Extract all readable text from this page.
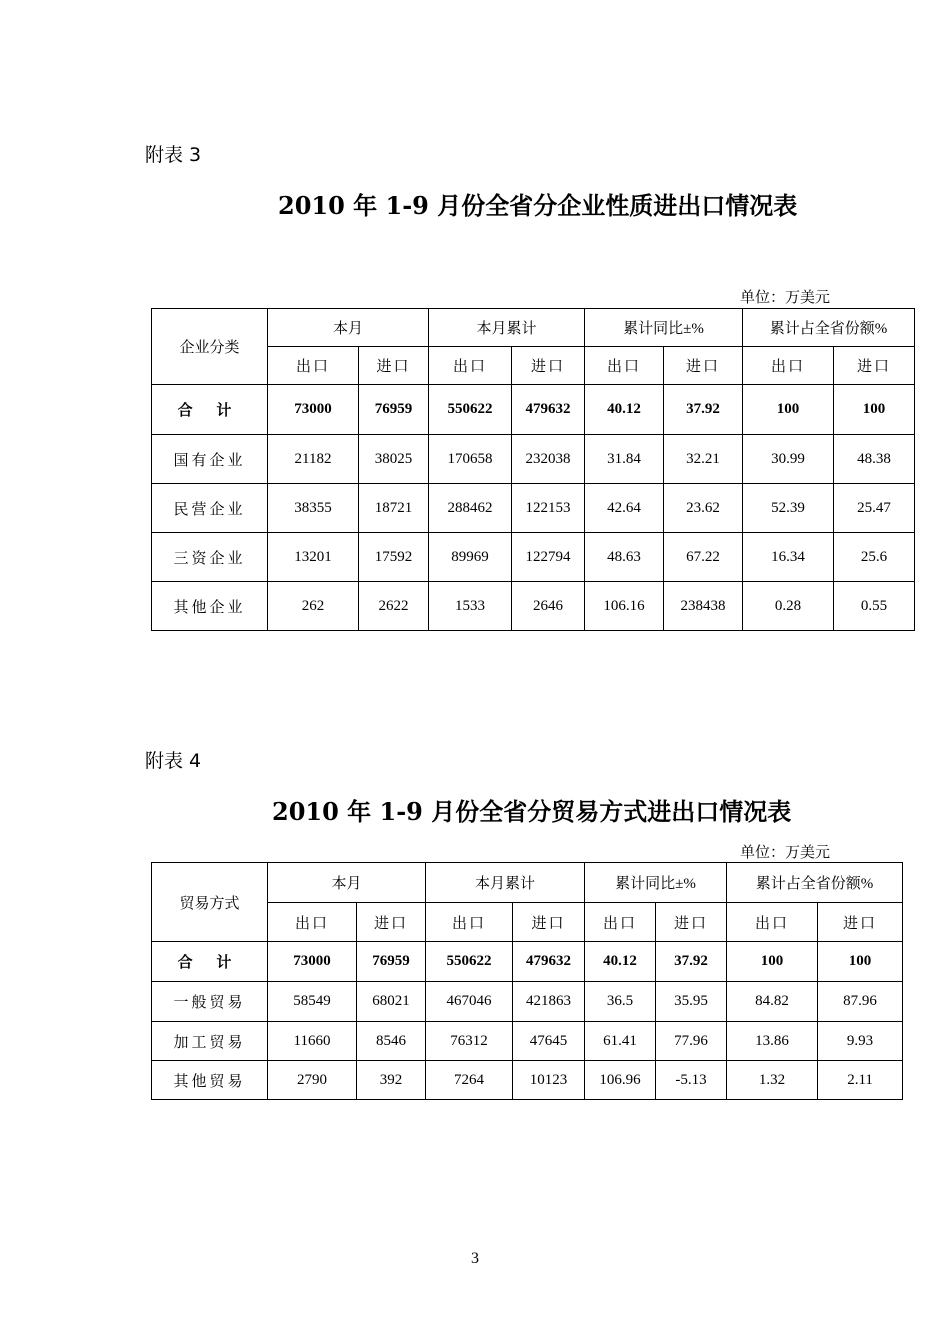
附表 3
2010 年 1-9 月份全省分企业性质进出口情况表
单位：万美元
企业分类	本月		本月累计		累计同比±%		累计占全省份额%	
	出口	进口	出口	进口	出口	进口	出口	进口
合 计	73000	76959	550622	479632	40.12	37.92	100	100
国有企业	21182	38025	170658	232038	31.84	32.21	30.99	48.38
民营企业	38355	18721	288462	122153	42.64	23.62	52.39	25.47
三资企业	13201	17592	89969	122794	48.63	67.22	16.34	25.6
其他企业	262	2622	1533	2646	106.16	238438	0.28	0.55
附表 4
2010 年 1-9 月份全省分贸易方式进出口情况表
单位：万美元
贸易方式	本月		本月累计		累计同比±%		累计占全省份额%	
	出口	进口	出口	进口	出口	进口	出口	进口
合 计	73000	76959	550622	479632	40.12	37.92	100	100
一般贸易	58549	68021	467046	421863	36.5	35.95	84.82	87.96
加工贸易	11660	8546	76312	47645	61.41	77.96	13.86	9.93
其他贸易	2790	392	7264	10123	106.96	-5.13	1.32	2.11
3
